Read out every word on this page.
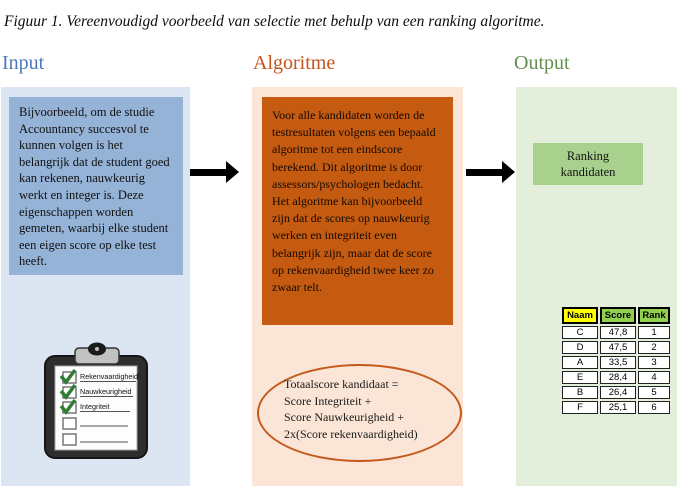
Figuur 1. Vereenvoudigd voorbeeld van selectie met behulp van een ranking algoritme.
Input	Algoritme	Output
Bijvoorbeeld, om de studie Accountancy succesvol te kunnen volgen is het belangrijk dat de student goed kan rekenen, nauwkeurig werkt en integer is. Deze eigenschappen worden gemeten, waarbij elke student een eigen score op elke test heeft.
Rekenvaardigheid
Nauwkeurigheid
Integriteit
Voor alle kandidaten worden de testresultaten volgens een bepaald algoritme tot een eindscore berekend. Dit algoritme is door assessors/psychologen bedacht. Het algoritme kan bijvoorbeeld zijn dat de scores op nauwkeurig werken en integriteit even belangrijk zijn, maar dat de score op rekenvaardigheid twee keer zo zwaar telt.
Totaalscore kandidaat =
Score Integriteit +
Score Nauwkeurigheid +
2x(Score rekenvaardigheid)
Ranking kandidaten
Naam	Score	Rank
C	47,8	1
D	47,5	2
A	33,5	3
E	28,4	4
B	26,4	5
F	25,1	6
